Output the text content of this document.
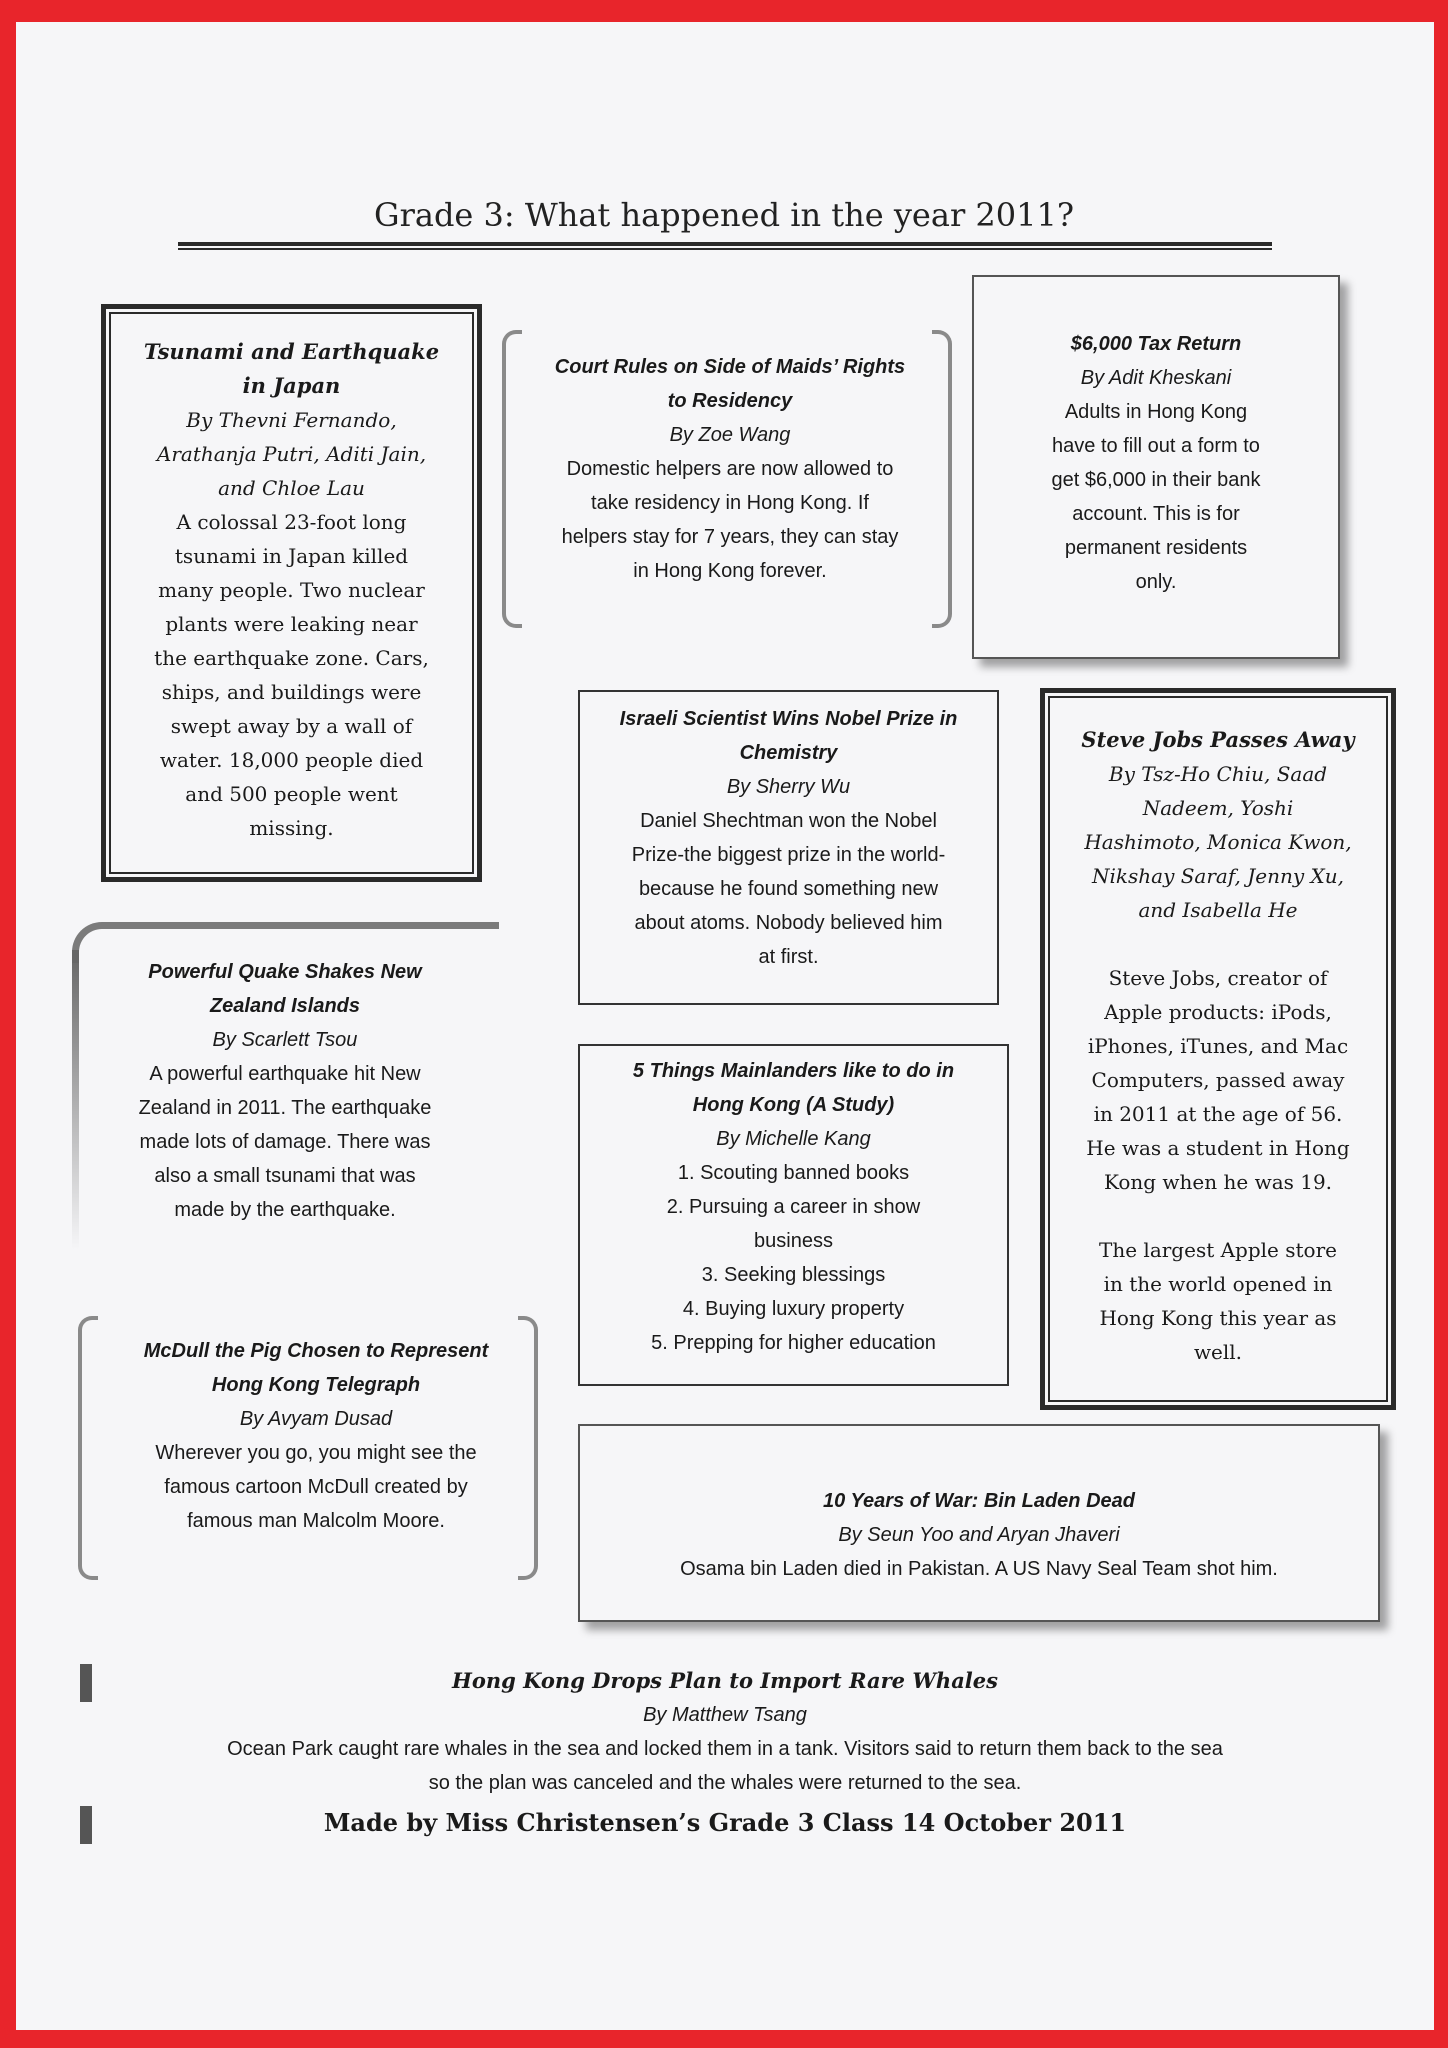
Grade 3: What happened in the year 2011?
Tsunami and Earthquake
in Japan
By Thevni Fernando,
Arathanja Putri, Aditi Jain,
and Chloe Lau
A colossal 23-foot long
tsunami in Japan killed
many people. Two nuclear
plants were leaking near
the earthquake zone. Cars,
ships, and buildings were
swept away by a wall of
water. 18,000 people died
and 500 people went
missing.
Court Rules on Side of Maids’ Rights
to Residency
By Zoe Wang
Domestic helpers are now allowed to
take residency in Hong Kong. If
helpers stay for 7 years, they can stay
in Hong Kong forever.
$6,000 Tax Return
By Adit Kheskani
Adults in Hong Kong
have to fill out a form to
get $6,000 in their bank
account. This is for
permanent residents
only.
Israeli Scientist Wins Nobel Prize in
Chemistry
By Sherry Wu
Daniel Shechtman won the Nobel
Prize-the biggest prize in the world-
because he found something new
about atoms. Nobody believed him
at first.
Steve Jobs Passes Away
By Tsz-Ho Chiu, Saad
Nadeem, Yoshi
Hashimoto, Monica Kwon,
Nikshay Saraf, Jenny Xu,
and Isabella He
Steve Jobs, creator of
Apple products: iPods,
iPhones, iTunes, and Mac
Computers, passed away
in 2011 at the age of 56.
He was a student in Hong
Kong when he was 19.
The largest Apple store
in the world opened in
Hong Kong this year as
well.
Powerful Quake Shakes New
Zealand Islands
By Scarlett Tsou
A powerful earthquake hit New
Zealand in 2011. The earthquake
made lots of damage. There was
also a small tsunami that was
made by the earthquake.
5 Things Mainlanders like to do in
Hong Kong (A Study)
By Michelle Kang
1. Scouting banned books
2. Pursuing a career in show
business
3. Seeking blessings
4. Buying luxury property
5. Prepping for higher education
McDull the Pig Chosen to Represent
Hong Kong Telegraph
By Avyam Dusad
Wherever you go, you might see the
famous cartoon McDull created by
famous man Malcolm Moore.
10 Years of War: Bin Laden Dead
By Seun Yoo and Aryan Jhaveri
Osama bin Laden died in Pakistan. A US Navy Seal Team shot him.
Hong Kong Drops Plan to Import Rare Whales
By Matthew Tsang
Ocean Park caught rare whales in the sea and locked them in a tank. Visitors said to return them back to the sea
so the plan was canceled and the whales were returned to the sea.
Made by Miss Christensen’s Grade 3 Class 14 October 2011
